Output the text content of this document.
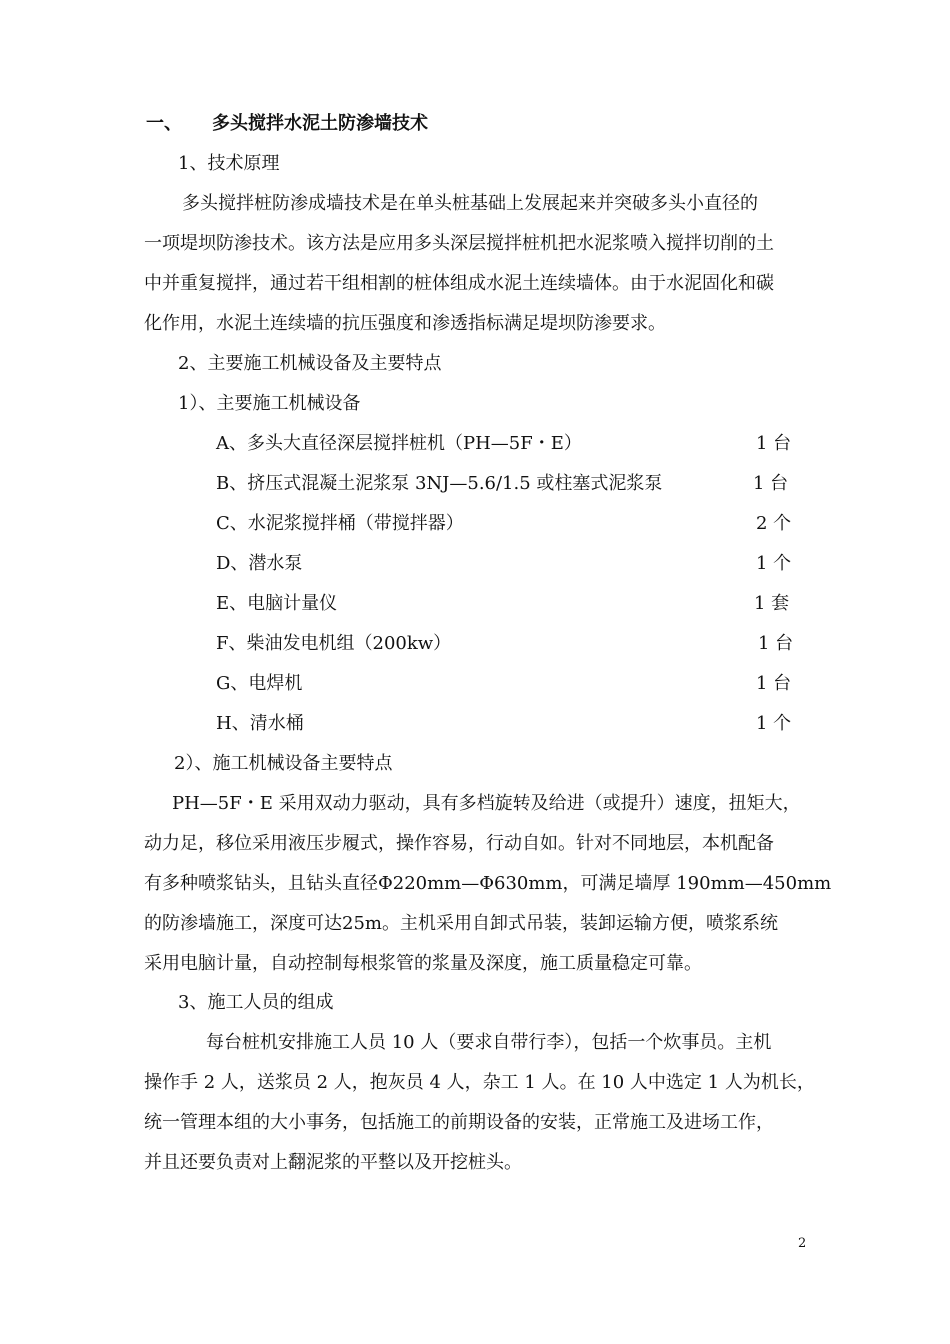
一、 多头搅拌水泥土防渗墙技术
1、技术原理
多头搅拌桩防渗成墙技术是在单头桩基础上发展起来并突破多头小直径的
一项堤坝防渗技术。该方法是应用多头深层搅拌桩机把水泥浆喷入搅拌切削的土
中并重复搅拌，通过若干组相割的桩体组成水泥土连续墙体。由于水泥固化和碳
化作用，水泥土连续墙的抗压强度和渗透指标满足堤坝防渗要求。
2、主要施工机械设备及主要特点
1）、主要施工机械设备
A、多头大直径深层搅拌桩机（PH—5F・E）	1 台
B、挤压式混凝土泥浆泵 3NJ—5.6/1.5 或柱塞式泥浆泵	1 台
C、水泥浆搅拌桶（带搅拌器）	2 个
D、潜水泵	1 个
E、电脑计量仪	1 套
F、柴油发电机组（200kw）	1 台
G、电焊机	1 台
H、清水桶	1 个
2）、施工机械设备主要特点
PH—5F・E 采用双动力驱动，具有多档旋转及给进（或提升）速度，扭矩大，
动力足，移位采用液压步履式，操作容易，行动自如。针对不同地层，本机配备
有多种喷浆钻头，且钻头直径Φ220mm—Φ630mm，可满足墙厚 190mm—450mm
的防渗墙施工，深度可达25m。主机采用自卸式吊装，装卸运输方便，喷浆系统
采用电脑计量，自动控制每根浆管的浆量及深度，施工质量稳定可靠。
3、施工人员的组成
每台桩机安排施工人员 10 人（要求自带行李），包括一个炊事员。主机
操作手 2 人，送浆员 2 人，抱灰员 4 人，杂工 1 人。在 10 人中选定 1 人为机长，
统一管理本组的大小事务，包括施工的前期设备的安装，正常施工及进场工作，
并且还要负责对上翻泥浆的平整以及开挖桩头。
2
